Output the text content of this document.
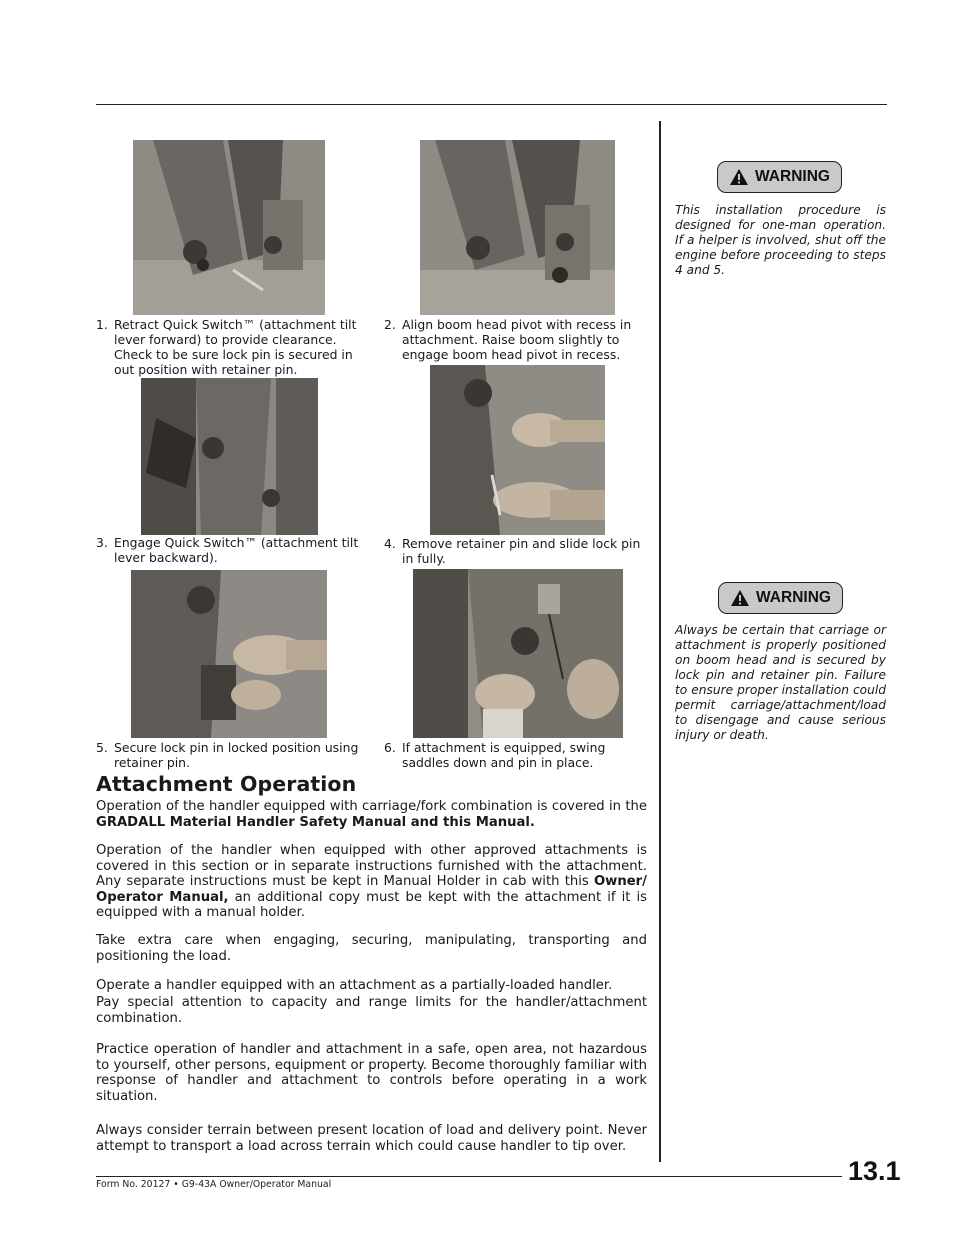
1. Retract Quick Switch™ (attachment tilt lever forward) to provide clearance. Check to be sure lock pin is secured in out position with retainer pin.
2. Align boom head pivot with recess in attachment. Raise boom slightly to engage boom head pivot in recess.
3. Engage Quick Switch™ (attachment tilt lever backward).
4. Remove retainer pin and slide lock pin in fully.
5. Secure lock pin in locked position using retainer pin.
6. If attachment is equipped, swing saddles down and pin in place.
Attachment Operation

Operation of the handler equipped with carriage/fork combination is covered in the GRADALL Material Handler Safety Manual and this Manual.

Operation of the handler when equipped with other approved attachments is covered in this section or in separate instructions furnished with the attachment. Any separate instructions must be kept in Manual Holder in cab with this Owner/ Operator Manual, an additional copy must be kept with the attachment if it is equipped with a manual holder.

Take extra care when engaging, securing, manipulating, transporting and positioning the load.

Operate a handler equipped with an attachment as a partially-loaded handler.

Pay special attention to capacity and range limits for the handler/attachment combination.

Practice operation of handler and attachment in a safe, open area, not hazardous to yourself, other persons, equipment or property. Become thoroughly familiar with response of handler and attachment to controls before operating in a work situation.

Always consider terrain between present location of load and delivery point. Never attempt to transport a load across terrain which could cause handler to tip over.

WARNING

This installation procedure is designed for one-man operation. If a helper is involved, shut off the engine before proceeding to steps 4 and 5.

WARNING

Always be certain that carriage or attachment is properly positioned on boom head and is secured by lock pin and retainer pin. Failure to ensure proper installation could permit carriage/attachment/load to disengage and cause serious injury or death.

Form No. 20127 • G9-43A Owner/Operator Manual	13.1
